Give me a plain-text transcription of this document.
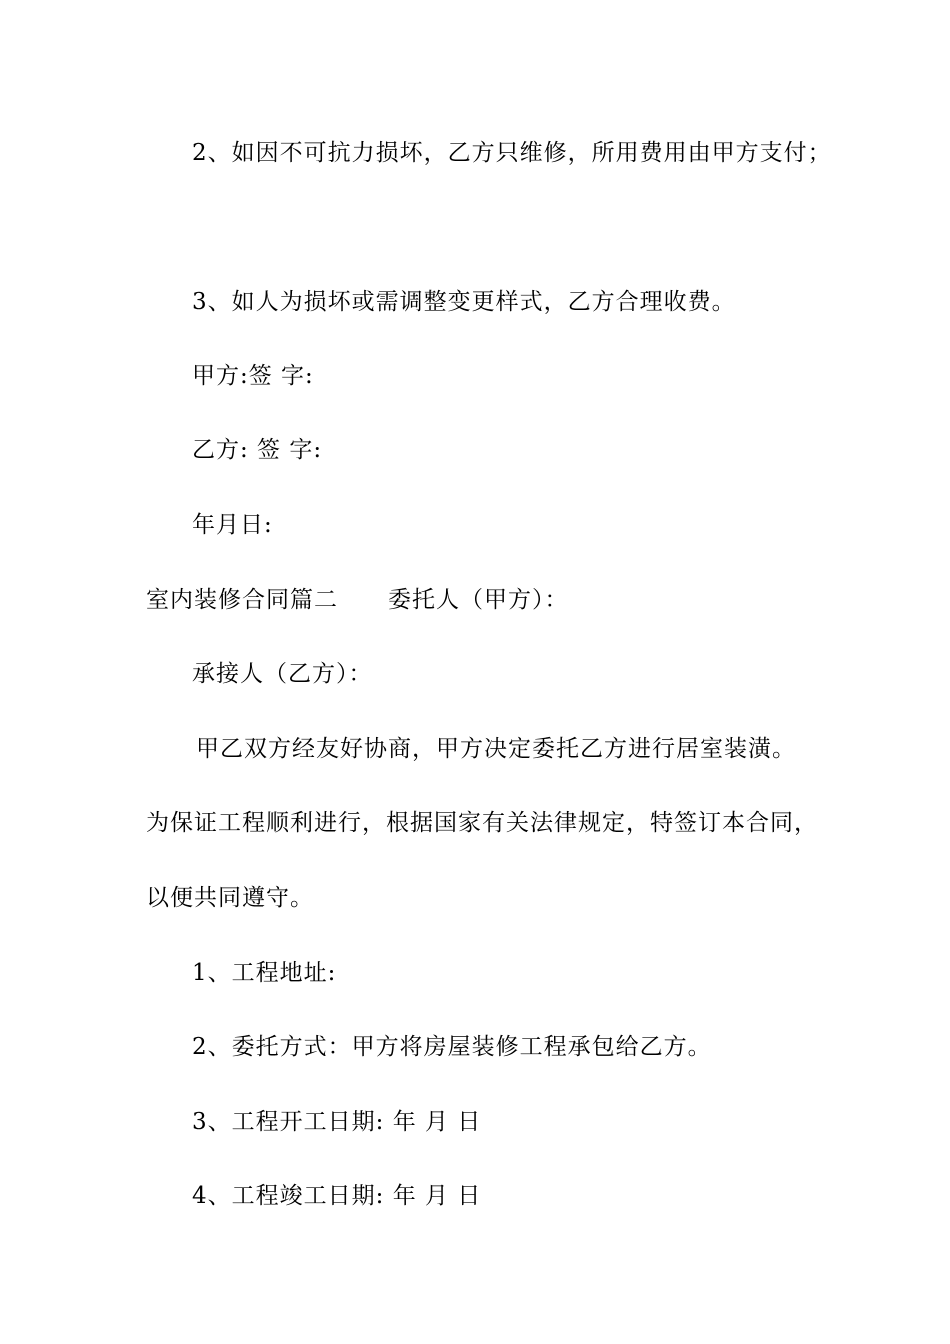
2、如因不可抗力损坏，乙方只维修，所用费用由甲方支付；
3、如人为损坏或需调整变更样式，乙方合理收费。
甲方:签 字:
乙方: 签 字:
年月日:
室内装修合同篇二 委托人（甲方）：
承接人（乙方）：
甲乙双方经友好协商，甲方决定委托乙方进行居室装潢。
为保证工程顺利进行，根据国家有关法律规定，特签订本合同，
以便共同遵守。
1、工程地址:
2、委托方式：甲方将房屋装修工程承包给乙方。
3、工程开工日期: 年 月 日
4、工程竣工日期: 年 月 日
